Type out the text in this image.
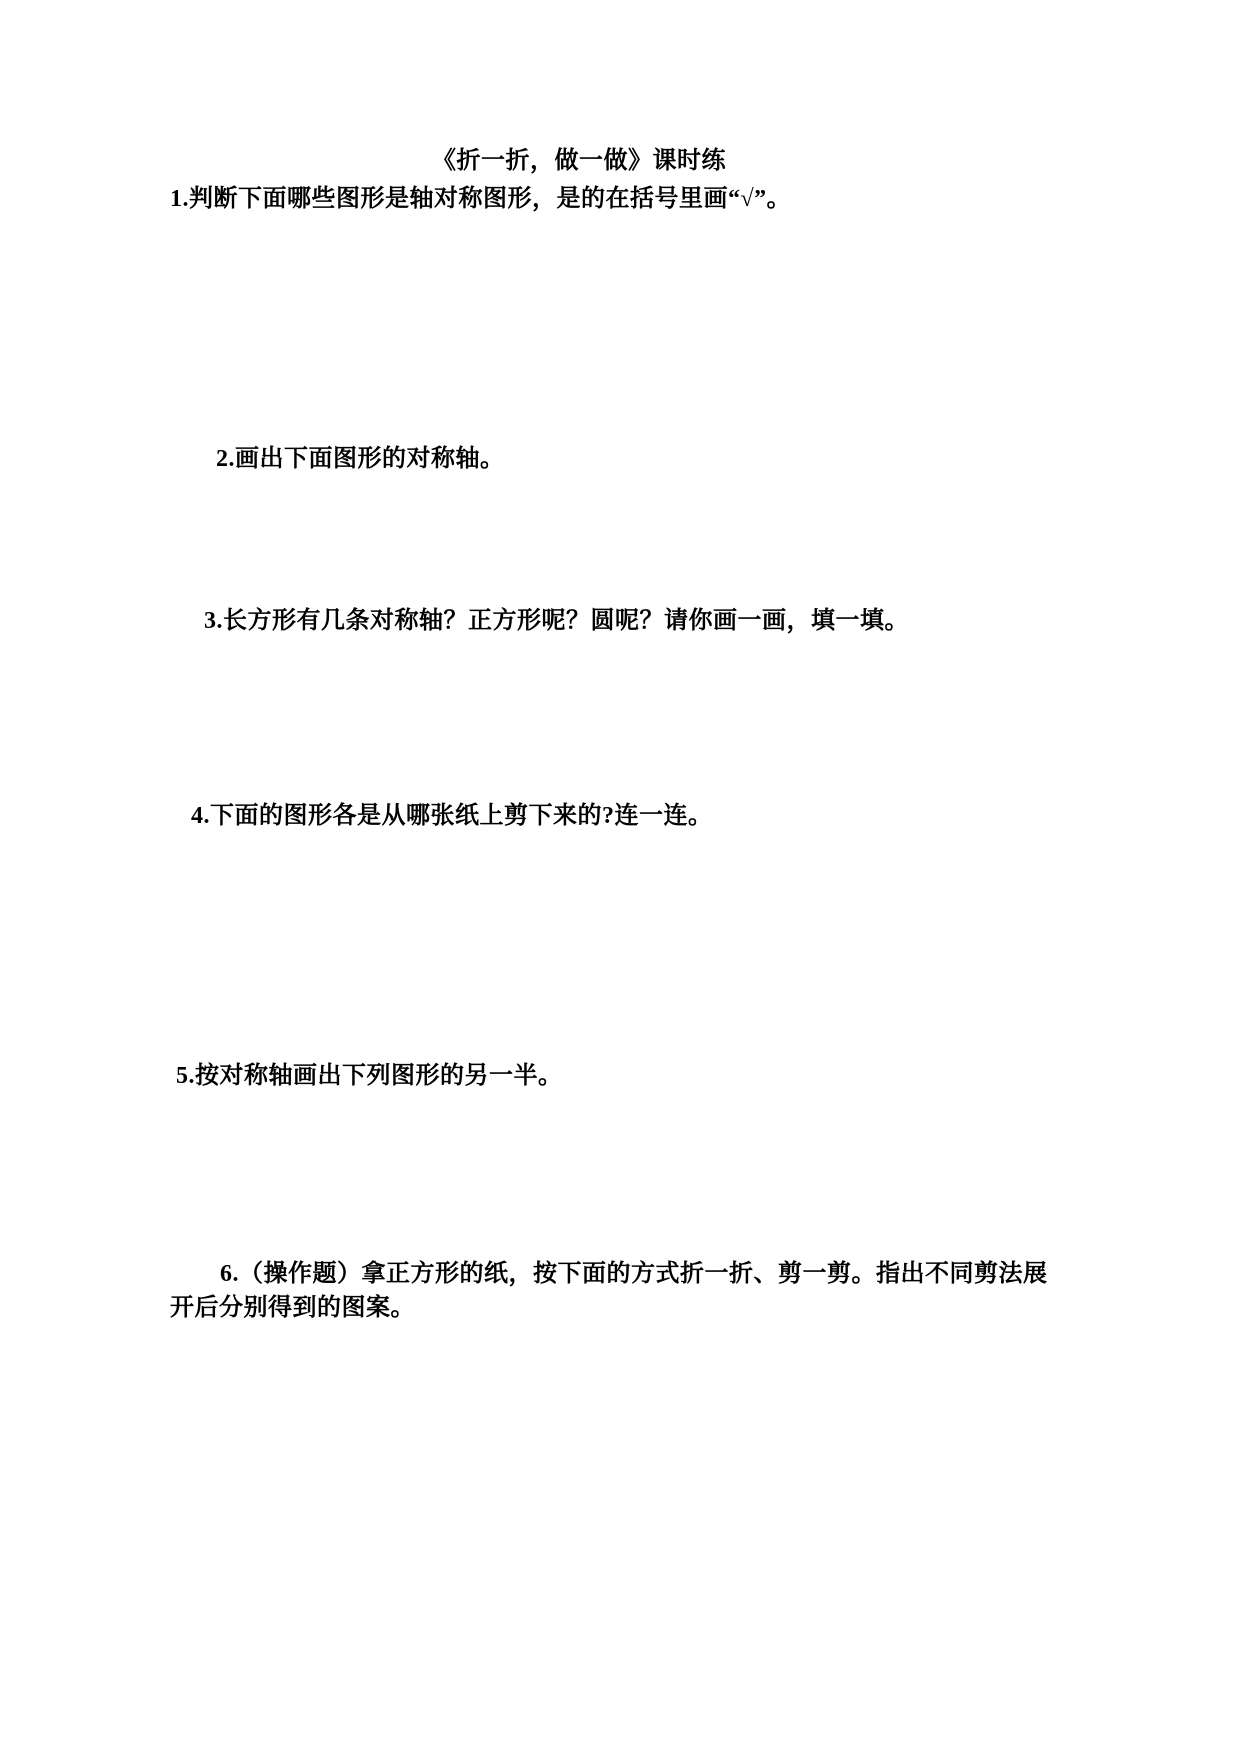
《折一折，做一做》课时练
1.判断下面哪些图形是轴对称图形，是的在括号里画“√”。
2.画出下面图形的对称轴。
3.长方形有几条对称轴？正方形呢？圆呢？请你画一画，填一填。
4.下面的图形各是从哪张纸上剪下来的?连一连。
5.按对称轴画出下列图形的另一半。
6.（操作题）拿正方形的纸，按下面的方式折一折、剪一剪。指出不同剪法展
开后分别得到的图案。
